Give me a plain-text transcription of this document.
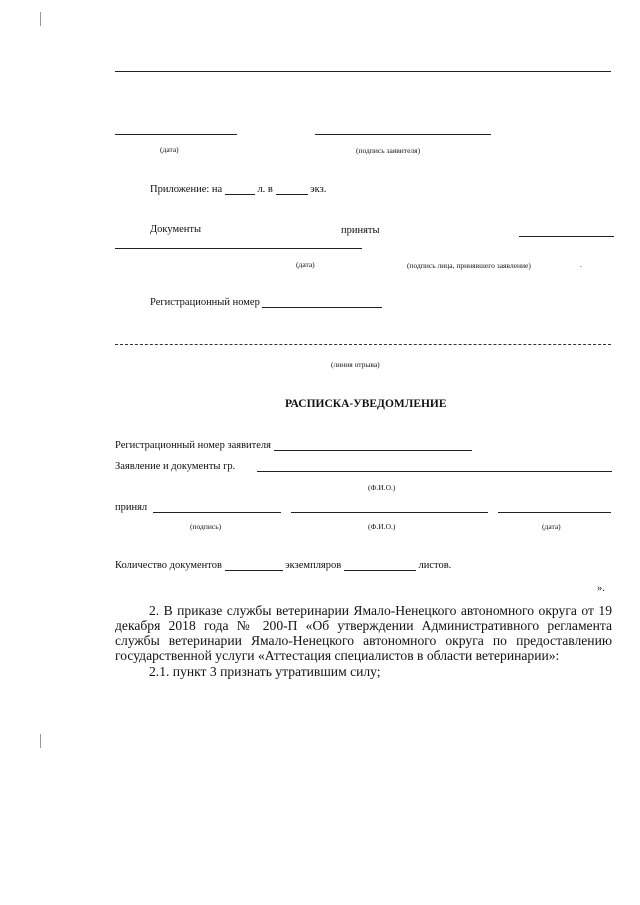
(дата)	(подпись заявителя)
Приложение: на	л. в	экз.
Документы	приняты
(дата)	(подпись лица, принявшего заявление)	.
Регистрационный номер
(линия отрыва)
РАСПИСКА-УВЕДОМЛЕНИЕ
Регистрационный номер заявителя
Заявление и документы гр.
(Ф.И.О.)
принял
(подпись)	(Ф.И.О.)	(дата)
Количество документов	экземпляров	листов.
».
2. В приказе службы ветеринарии Ямало-Ненецкого автономного округа от 19 декабря 2018 года № 200-П «Об утверждении Административного регламента службы ветеринарии Ямало-Ненецкого автономного округа по предоставлению государственной услуги «Аттестация специалистов в области ветеринарии»:
2.1. пункт 3 признать утратившим силу;
